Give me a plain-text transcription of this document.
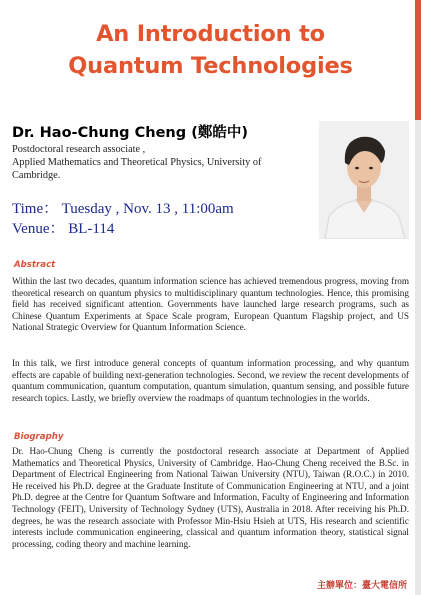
An Introduction to
Quantum Technologies
Dr. Hao-Chung Cheng (鄭皓中)
Postdoctoral research associate ,
Applied Mathematics and Theoretical Physics, University of Cambridge.
Time： Tuesday , Nov. 13 , 11:00am
Venue： BL-114
Abstract
Within the last two decades, quantum information science has achieved tremendous progress, moving from theoretical research on quantum physics to multidisciplinary quantum technologies. Hence, this promising field has received significant attention. Governments have launched large research programs, such as Chinese Quantum Experiments at Space Scale program, European Quantum Flagship project, and US National Strategic Overview for Quantum Information Science.
In this talk, we first introduce general concepts of quantum information processing, and why quantum effects are capable of building next-generation technologies. Second, we review the recent developments of quantum communication, quantum computation, quantum simulation, quantum sensing, and possible future research topics. Lastly, we briefly overview the roadmaps of quantum technologies in the worlds.
Biography
Dr. Hao-Chung Cheng is currently the postdoctoral research associate at Department of Applied Mathematics and Theoretical Physics, University of Cambridge. Hao-Chung Cheng received the B.Sc. in Department of Electrical Engineering from National Taiwan University (NTU), Taiwan (R.O.C.) in 2010. He received his Ph.D. degree at the Graduate Institute of Communication Engineering at NTU, and a joint Ph.D. degree at the Centre for Quantum Software and Information, Faculty of Engineering and Information Technology (FEIT), University of Technology Sydney (UTS), Australia in 2018. After receiving his Ph.D. degrees, he was the research associate with Professor Min-Hsiu Hsieh at UTS, His research and scientific interests include communication engineering, classical and quantum information theory, statistical signal processing, coding theory and machine learning.
主辦單位：臺大電信所
